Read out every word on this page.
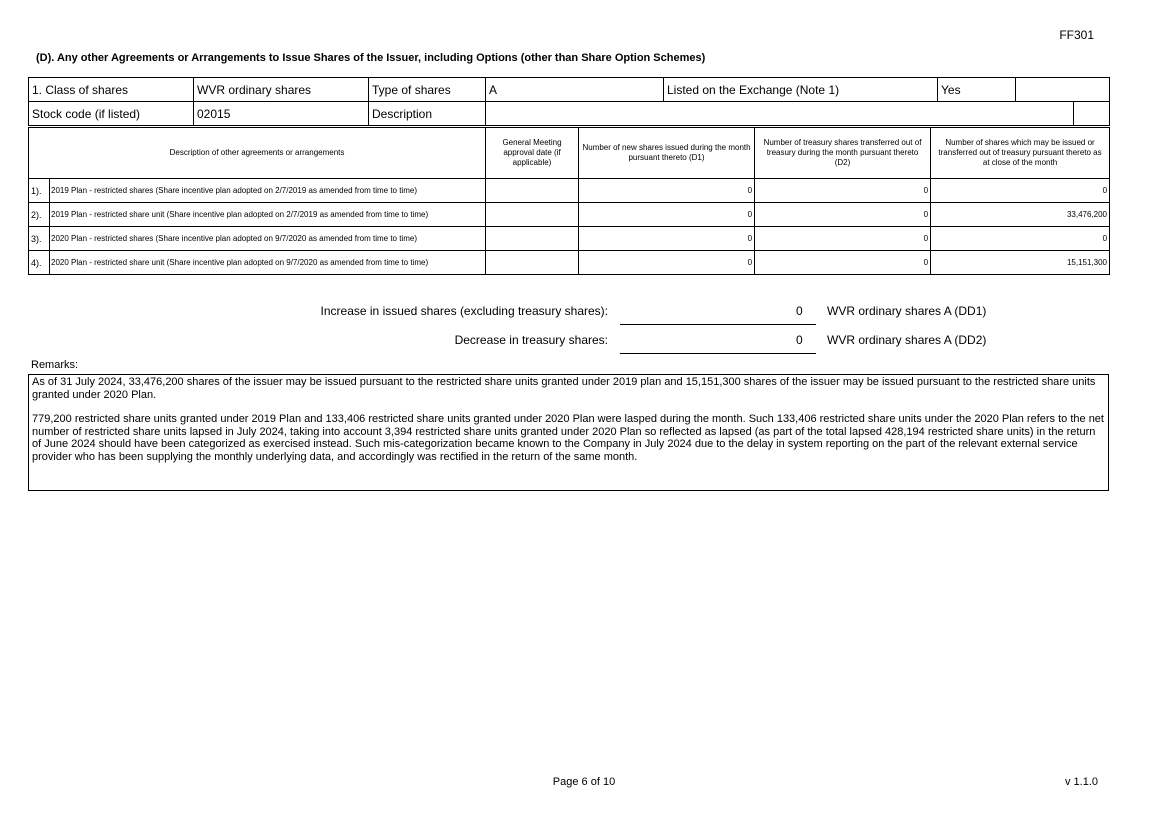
FF301
(D). Any other Agreements or Arrangements to Issue Shares of the Issuer, including Options (other than Share Option Schemes)
1. Class of shares	WVR ordinary shares	Type of shares	A	Listed on the Exchange (Note 1)	Yes		
Stock code (if listed)	02015	Description					
Description of other agreements or arrangements		General Meeting approval date (if applicable)	Number of new shares issued during the month pursuant thereto (D1)	Number of treasury shares transferred out of treasury during the month pursuant thereto (D2)	Number of shares which may be issued or transferred out of treasury pursuant thereto as at close of the month
1).	2019 Plan - restricted shares (Share incentive plan adopted on 2/7/2019 as amended from time to time)		0	0	0
2).	2019 Plan - restricted share unit (Share incentive plan adopted on 2/7/2019 as amended from time to time)		0	0	33,476,200
3).	2020 Plan - restricted shares (Share incentive plan adopted on 9/7/2020 as amended from time to time)		0	0	0
4).	2020 Plan - restricted share unit (Share incentive plan adopted on 9/7/2020 as amended from time to time)		0	0	15,151,300
Increase in issued shares (excluding treasury shares):	0 WVR ordinary shares A (DD1)
Decrease in treasury shares:	0 WVR ordinary shares A (DD2)
Remarks:

As of 31 July 2024, 33,476,200 shares of the issuer may be issued pursuant to the restricted share units granted under 2019 plan and 15,151,300 shares of the issuer may be issued pursuant to the restricted share units granted under 2020 Plan.

779,200 restricted share units granted under 2019 Plan and 133,406 restricted share units granted under 2020 Plan were lasped during the month. Such 133,406 restricted share units under the 2020 Plan refers to the net number of restricted share units lapsed in July 2024, taking into account 3,394 restricted share units granted under 2020 Plan so reflected as lapsed (as part of the total lapsed 428,194 restricted share units) in the return of June 2024 should have been categorized as exercised instead. Such mis-categorization became known to the Company in July 2024 due to the delay in system reporting on the part of the relevant external service provider who has been supplying the monthly underlying data, and accordingly was rectified in the return of the same month.

Page 6 of 10	v 1.1.0
